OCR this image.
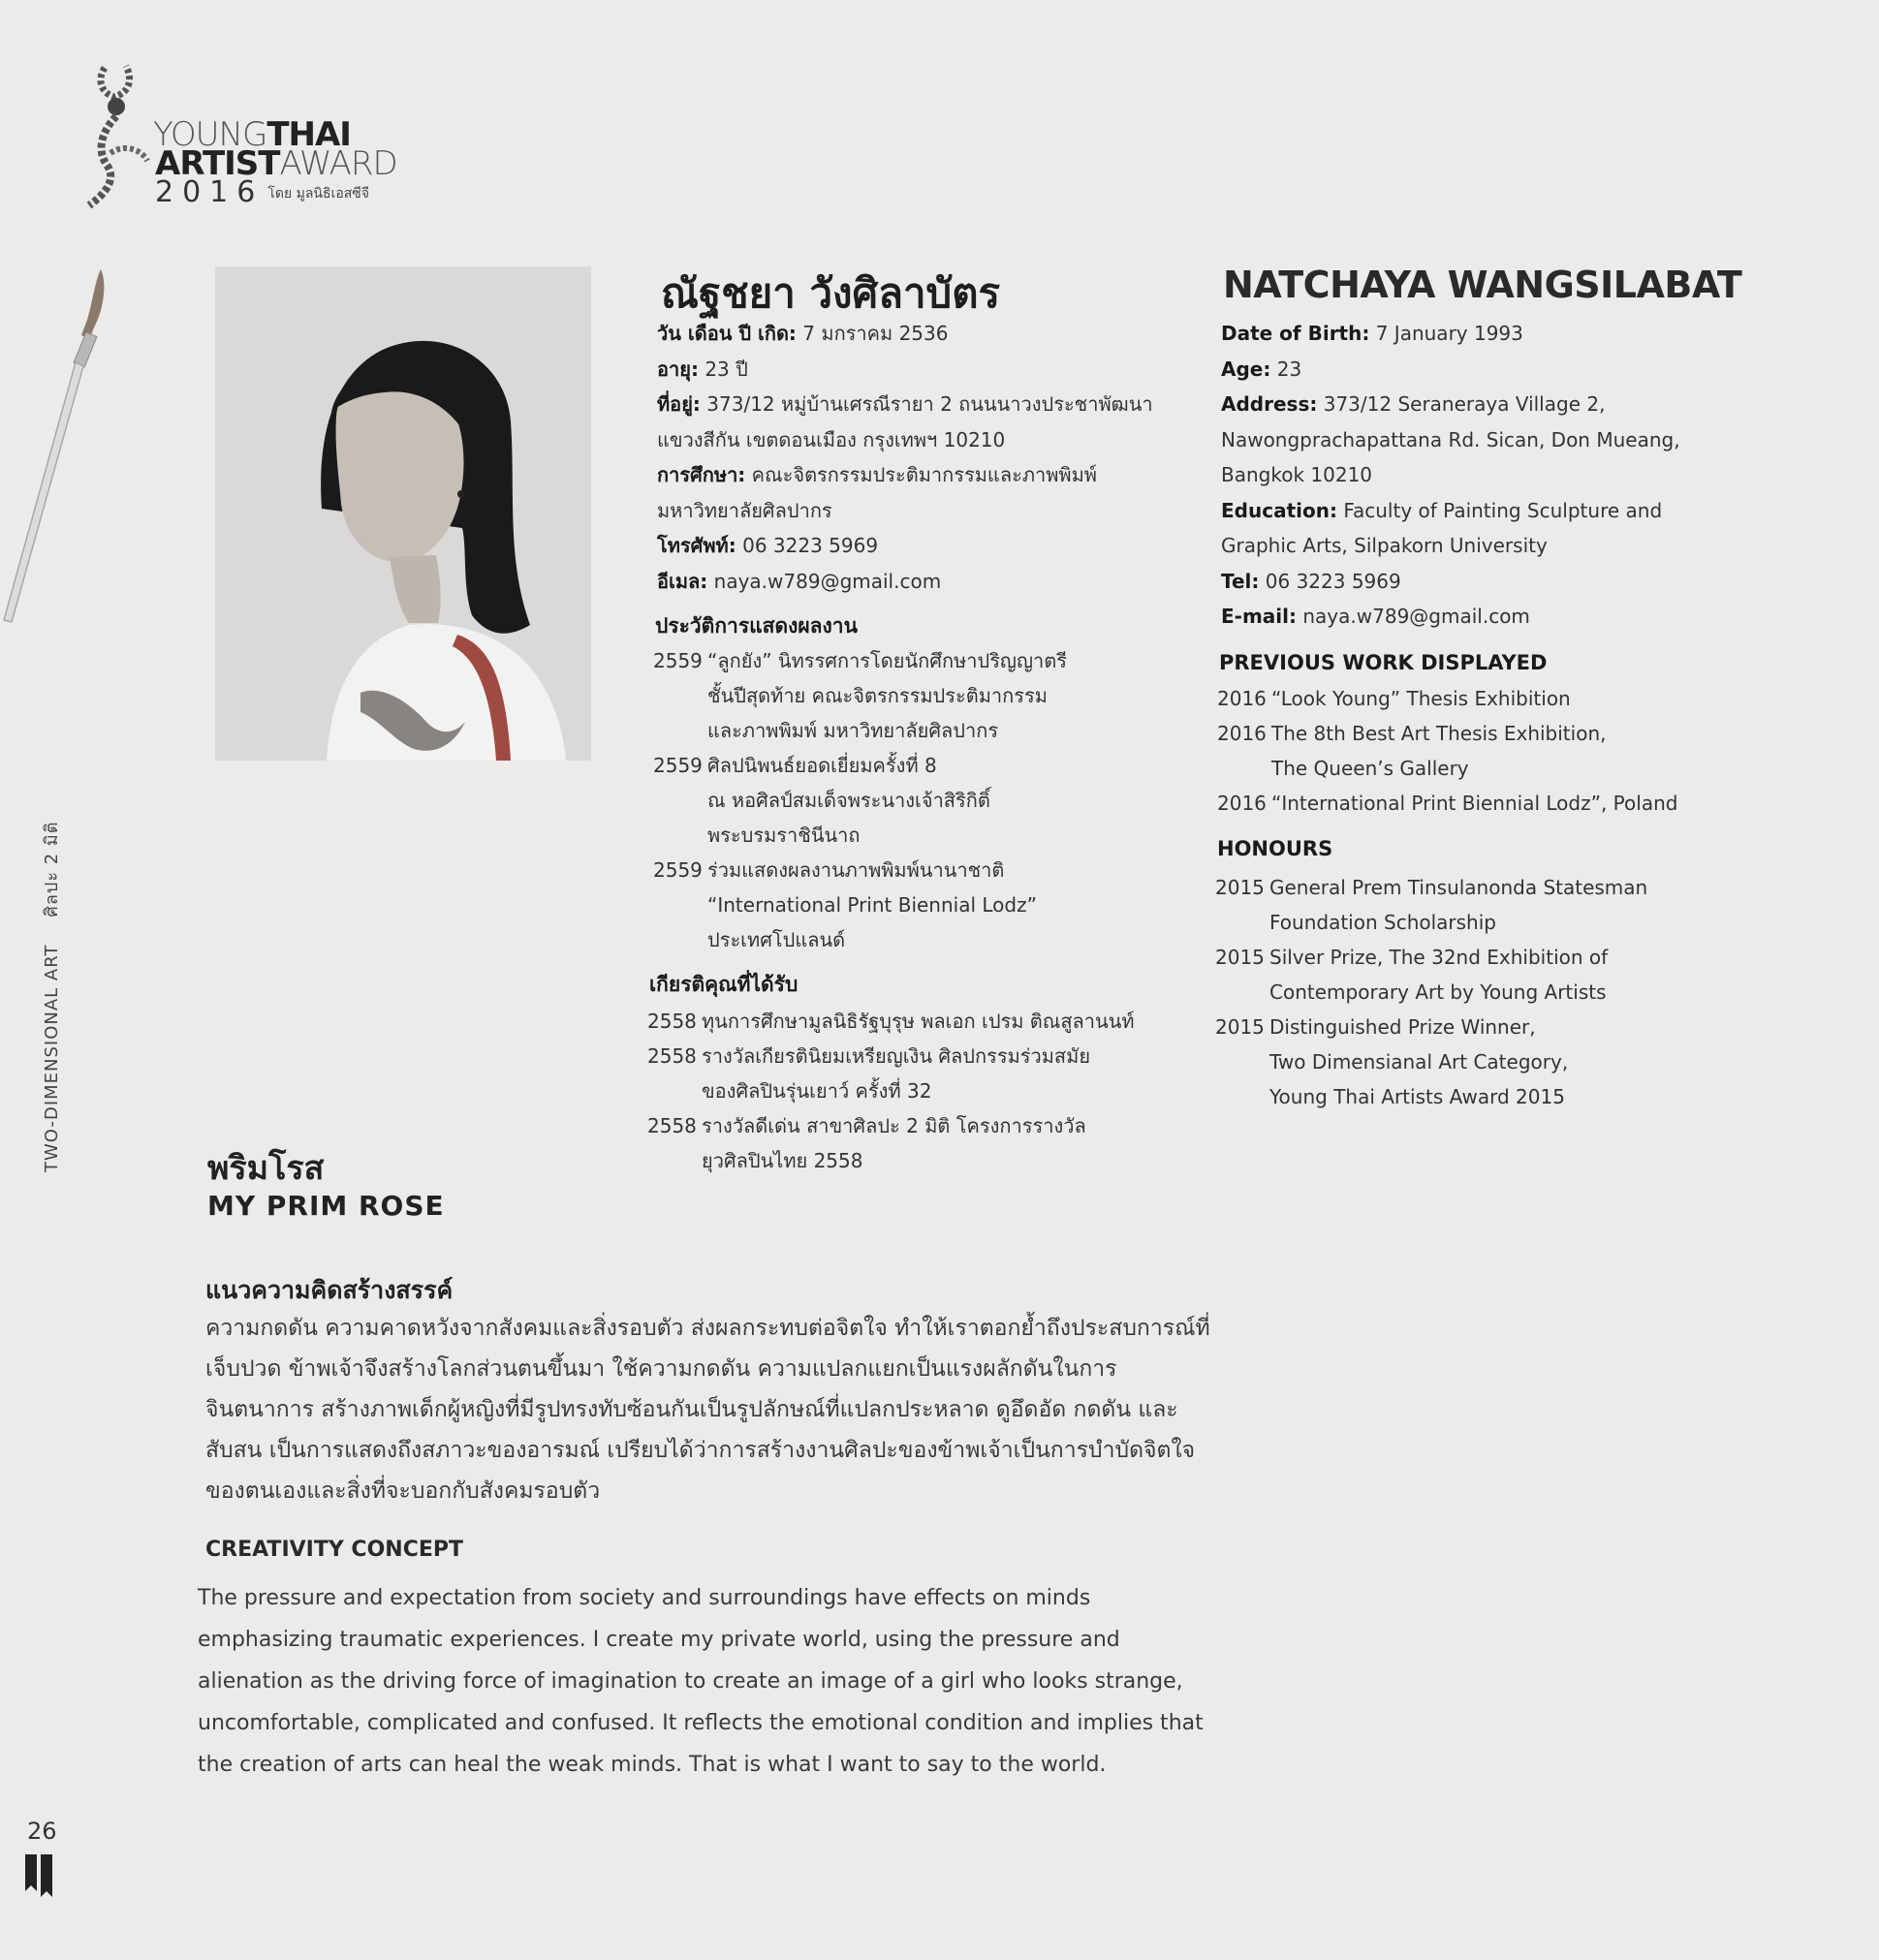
YOUNGTHAI
ARTISTAWARD
2016 โดย มูลนิธิเอสซีจี
ณัฐชยา วังศิลาบัตร	NATCHAYA WANGSILABAT
วัน เดือน ปี เกิด: 7 มกราคม 2536
อายุ: 23 ปี
ที่อยู่: 373/12 หมู่บ้านเศรณีรายา 2 ถนนนาวงประชาพัฒนา
แขวงสีกัน เขตดอนเมือง กรุงเทพฯ 10210
การศึกษา: คณะจิตรกรรมประติมากรรมและภาพพิมพ์
มหาวิทยาลัยศิลปากร
โทรศัพท์: 06 3223 5969
อีเมล: naya.w789@gmail.com
ประวัติการแสดงผลงาน
2559 “ลูกยัง” นิทรรศการโดยนักศึกษาปริญญาตรี
ชั้นปีสุดท้าย คณะจิตรกรรมประติมากรรม
และภาพพิมพ์ มหาวิทยาลัยศิลปากร
2559 ศิลปนิพนธ์ยอดเยี่ยมครั้งที่ 8
ณ หอศิลป์สมเด็จพระนางเจ้าสิริกิติ์
พระบรมราชินีนาถ
2559 ร่วมแสดงผลงานภาพพิมพ์นานาชาติ
“International Print Biennial Lodz”
ประเทศโปแลนด์
เกียรติคุณที่ได้รับ
2558 ทุนการศึกษามูลนิธิรัฐบุรุษ พลเอก เปรม ติณสูลานนท์
2558 รางวัลเกียรตินิยมเหรียญเงิน ศิลปกรรมร่วมสมัย
ของศิลปินรุ่นเยาว์ ครั้งที่ 32
2558 รางวัลดีเด่น สาขาศิลปะ 2 มิติ โครงการรางวัล
ยุวศิลปินไทย 2558
Date of Birth: 7 January 1993
Age: 23
Address: 373/12 Seraneraya Village 2,
Nawongprachapattana Rd. Sican, Don Mueang,
Bangkok 10210
Education: Faculty of Painting Sculpture and
Graphic Arts, Silpakorn University
Tel: 06 3223 5969
E-mail: naya.w789@gmail.com
PREVIOUS WORK DISPLAYED
2016 “Look Young” Thesis Exhibition
2016 The 8th Best Art Thesis Exhibition,
The Queen’s Gallery
2016 “International Print Biennial Lodz”, Poland
HONOURS
2015 General Prem Tinsulanonda Statesman
Foundation Scholarship
2015 Silver Prize, The 32nd Exhibition of
Contemporary Art by Young Artists
2015 Distinguished Prize Winner,
Two Dimensianal Art Category,
Young Thai Artists Award 2015
TWO-DIMENSIONAL ARTศิลปะ 2 มิติ
พริมโรส
MY PRIM ROSE
แนวความคิดสร้างสรรค์
ความกดดัน ความคาดหวังจากสังคมและสิ่งรอบตัว ส่งผลกระทบต่อจิตใจ ทำให้เราตอกย้ำถึงประสบการณ์ที่เจ็บปวด ข้าพเจ้าจึงสร้างโลกส่วนตนขึ้นมา ใช้ความกดดัน ความแปลกแยกเป็นแรงผลักดันในการจินตนาการ สร้างภาพเด็กผู้หญิงที่มีรูปทรงทับซ้อนกันเป็นรูปลักษณ์ที่แปลกประหลาด ดูอึดอัด กดดัน และสับสน เป็นการแสดงถึงสภาวะของอารมณ์ เปรียบได้ว่าการสร้างงานศิลปะของข้าพเจ้าเป็นการบำบัดจิตใจของตนเองและสิ่งที่จะบอกกับสังคมรอบตัว
CREATIVITY CONCEPT
The pressure and expectation from society and surroundings have effects on minds emphasizing traumatic experiences. I create my private world, using the pressure and alienation as the driving force of imagination to create an image of a girl who looks strange, uncomfortable, complicated and confused. It reflects the emotional condition and implies that the creation of arts can heal the weak minds. That is what I want to say to the world.
26
